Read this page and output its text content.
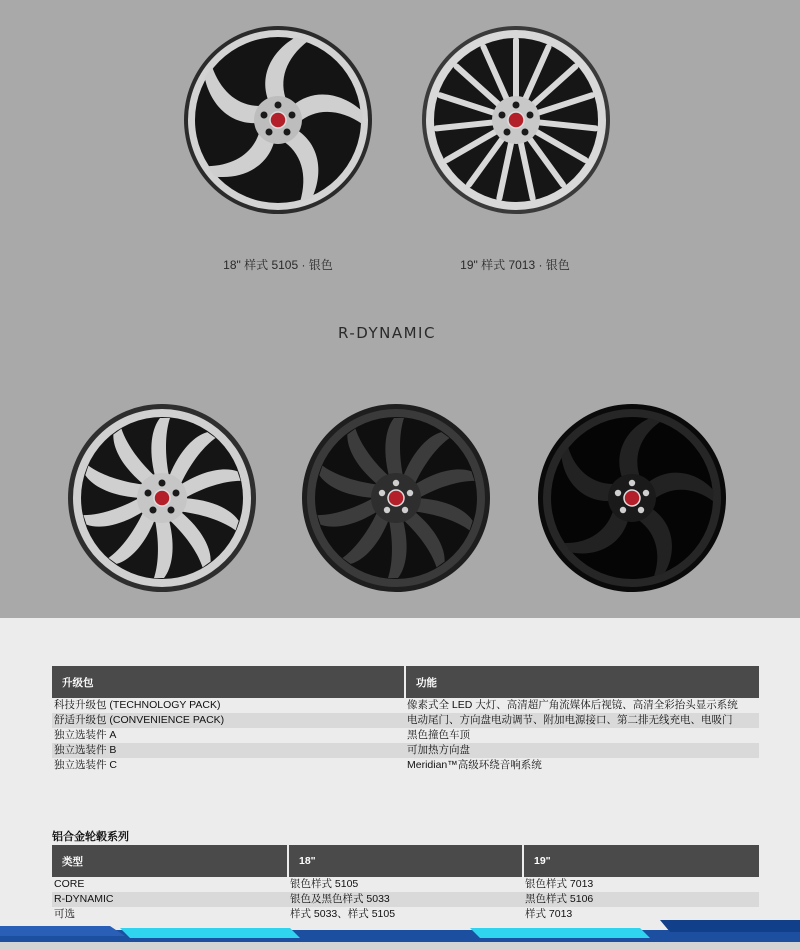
18" 样式 5105 · 银色	19" 样式 7013 · 银色
R-DYNAMIC
升级包	功能
科技升级包 (TECHNOLOGY PACK)	像素式全 LED 大灯、高清超广角流媒体后视镜、高清全彩抬头显示系统
舒适升级包 (CONVENIENCE PACK)	电动尾门、方向盘电动调节、附加电源接口、第二排无线充电、电吸门
独立选装件 A	黑色撞色车顶
独立选装件 B	可加热方向盘
独立选装件 C	Meridian™高级环绕音响系统
铝合金轮毂系列
类型	18"	19"
CORE	银色样式 5105	银色样式 7013
R-DYNAMIC	银色及黑色样式 5033	黑色样式 5106
可选	样式 5033、样式 5105	样式 7013
